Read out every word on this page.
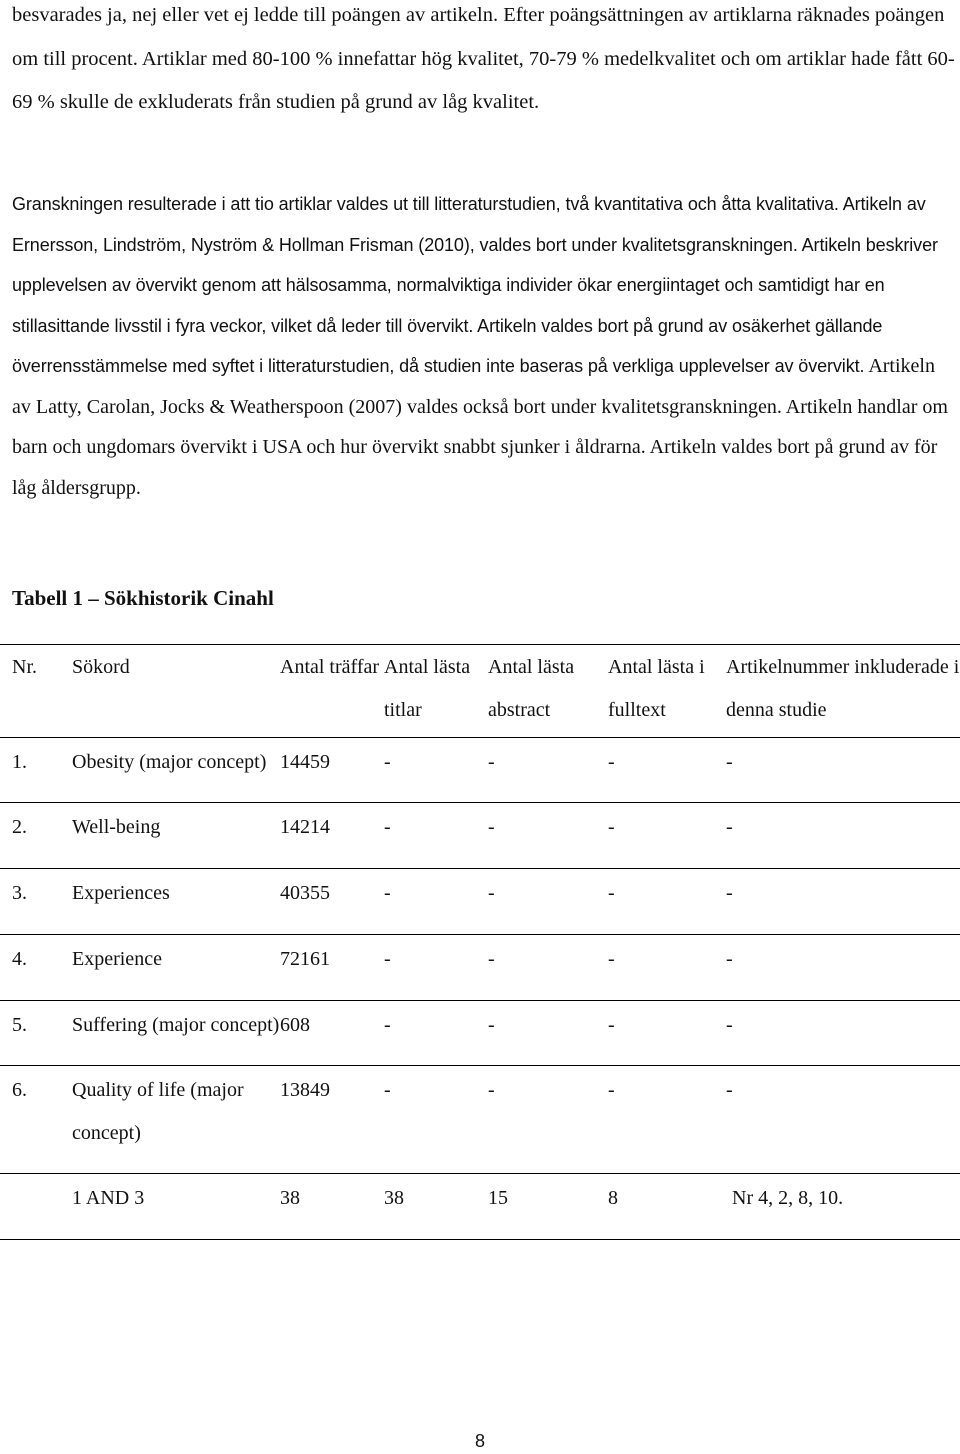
besvarades ja, nej eller vet ej ledde till poängen av artikeln. Efter poängsättningen av artiklarna räknades poängen om till procent. Artiklar med 80-100 % innefattar hög kvalitet, 70-79 % medelkvalitet och om artiklar hade fått 60-69 % skulle de exkluderats från studien på grund av låg kvalitet.

Granskningen resulterade i att tio artiklar valdes ut till litteraturstudien, två kvantitativa och åtta kvalitativa. Artikeln av Ernersson, Lindström, Nyström & Hollman Frisman (2010), valdes bort under kvalitetsgranskningen. Artikeln beskriver upplevelsen av övervikt genom att hälsosamma, normalviktiga individer ökar energiintaget och samtidigt har en stillasittande livsstil i fyra veckor, vilket då leder till övervikt. Artikeln valdes bort på grund av osäkerhet gällande överrensstämmelse med syftet i litteraturstudien, då studien inte baseras på verkliga upplevelser av övervikt. Artikeln av Latty, Carolan, Jocks & Weatherspoon (2007) valdes också bort under kvalitetsgranskningen. Artikeln handlar om barn och ungdomars övervikt i USA och hur övervikt snabbt sjunker i åldrarna. Artikeln valdes bort på grund av för låg åldersgrupp.

Tabell 1 – Sökhistorik Cinahl
Nr.	Sökord	Antal träffar	Antal lästa titlar	Antal lästa abstract	Antal lästa i fulltext	Artikelnummer inkluderade i denna studie
1.	Obesity (major concept)	14459	-	-	-	-
2.	Well-being	14214	-	-	-	-
3.	Experiences	40355	-	-	-	-
4.	Experience	72161	-	-	-	-
5.	Suffering (major concept)	608	-	-	-	-
6.	Quality of life (major concept)	13849	-	-	-	-
	1 AND 3	38	38	15	8	Nr 4, 2, 8, 10.
8
